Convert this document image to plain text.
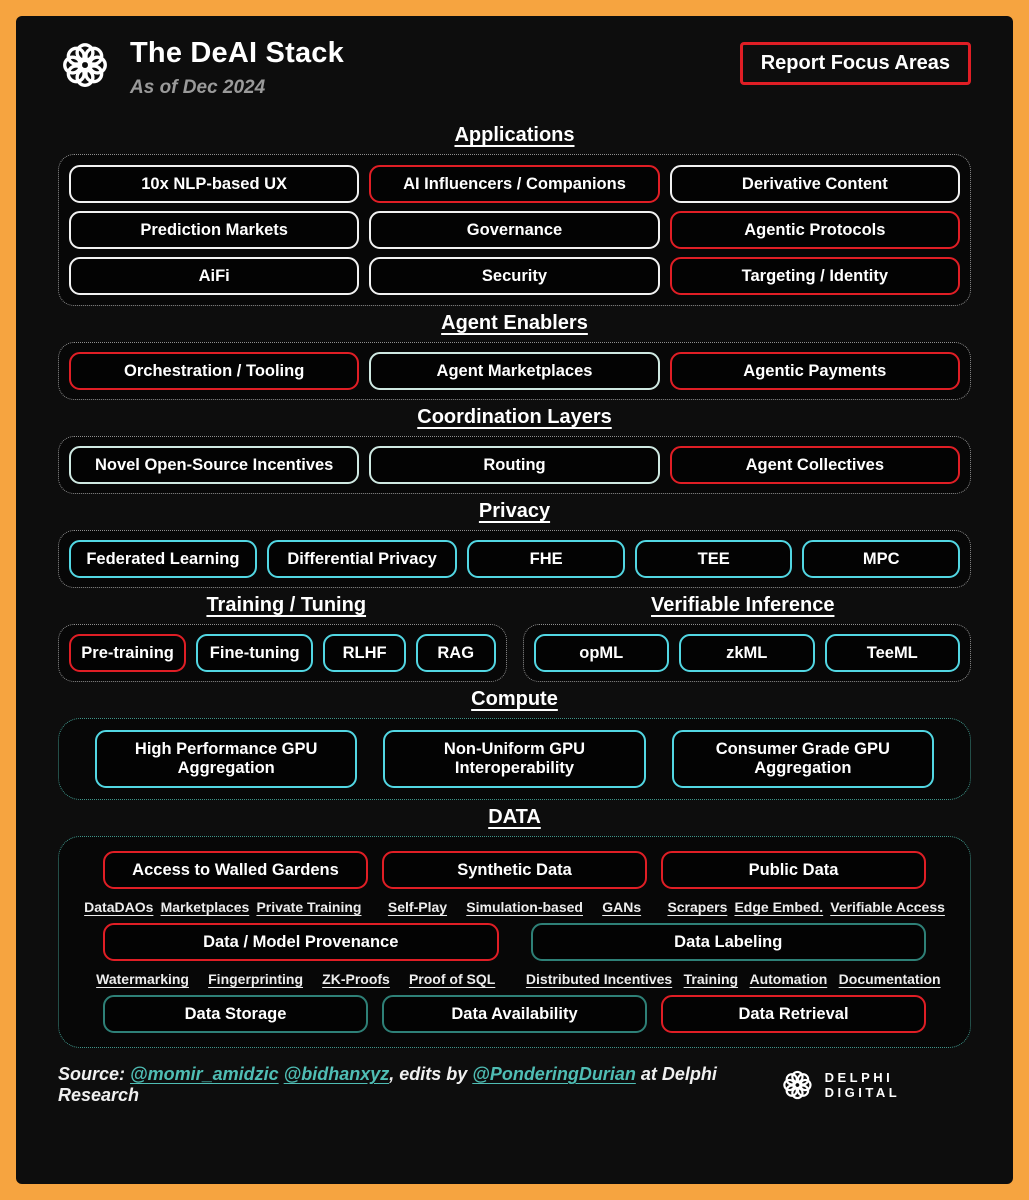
The DeAI Stack
As of Dec 2024
Report Focus Areas
Applications
10x NLP-based UX	AI Influencers / Companions	Derivative Content
Prediction Markets	Governance	Agentic Protocols
AiFi	Security	Targeting / Identity
Agent Enablers
Orchestration / Tooling	Agent Marketplaces	Agentic Payments
Coordination Layers
Novel Open-Source Incentives	Routing	Agent Collectives
Privacy
Federated Learning	Differential Privacy	FHE	TEE	MPC
Training / Tuning	Verifiable Inference
Pre-training	Fine-tuning	RLHF	RAG	opML	zkML	TeeML
Compute
High Performance GPU Aggregation
Non-Uniform GPU Interoperability
Consumer Grade GPU Aggregation
DATA
Access to Walled Gardens	Synthetic Data	Public Data
DataDAOs Marketplaces Private Training Self-Play Simulation-based GANs Scrapers Edge Embed. Verifiable Access
Data / Model Provenance	Data Labeling
Watermarking Fingerprinting ZK-Proofs Proof of SQL Distributed Incentives Training Automation Documentation
Data Storage	Data Availability	Data Retrieval
Source: @momir_amidzic @bidhanxyz, edits by @PonderingDurian at Delphi Research
DELPHI DIGITAL
